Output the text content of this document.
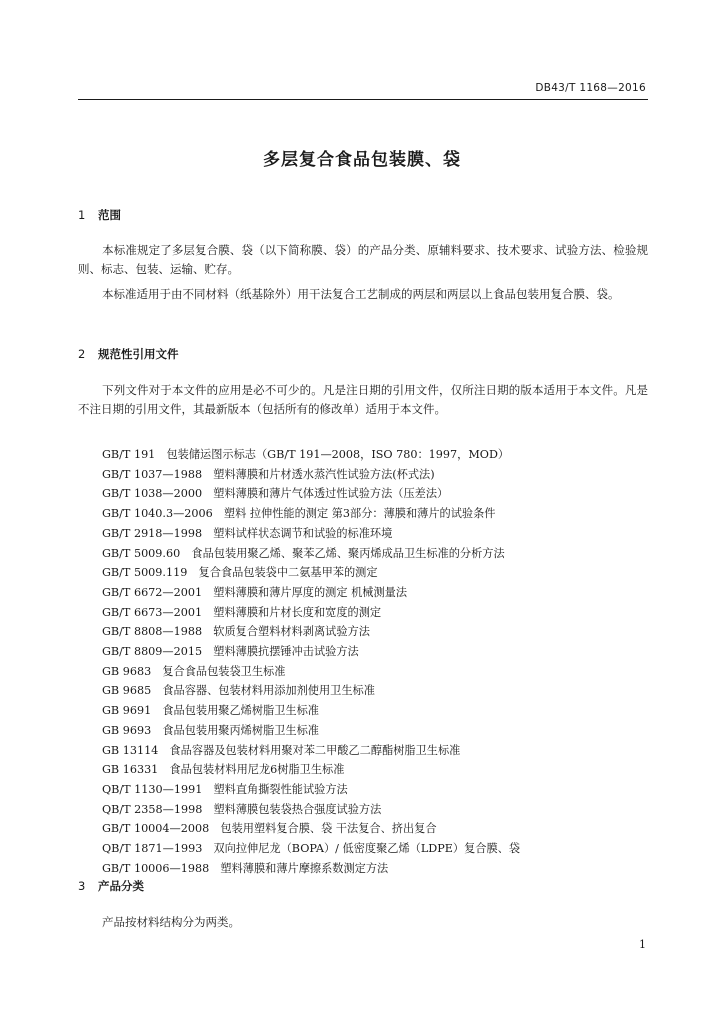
DB43/T 1168—2016
多层复合食品包装膜、袋
1 范围

本标准规定了多层复合膜、袋（以下简称膜、袋）的产品分类、原辅料要求、技术要求、试验方法、检验规则、标志、包装、运输、贮存。

本标准适用于由不同材料（纸基除外）用干法复合工艺制成的两层和两层以上食品包装用复合膜、袋。

2 规范性引用文件

下列文件对于本文件的应用是必不可少的。凡是注日期的引用文件，仅所注日期的版本适用于本文件。凡是不注日期的引用文件，其最新版本（包括所有的修改单）适用于本文件。

GB/T 191　包装储运图示标志（GB/T 191—2008，ISO 780：1997，MOD）
GB/T 1037—1988　塑料薄膜和片材透水蒸汽性试验方法(杯式法)
GB/T 1038—2000　塑料薄膜和薄片气体透过性试验方法（压差法）
GB/T 1040.3—2006　塑料 拉伸性能的测定 第3部分：薄膜和薄片的试验条件
GB/T 2918—1998　塑料试样状态调节和试验的标准环境
GB/T 5009.60　食品包装用聚乙烯、聚苯乙烯、聚丙烯成品卫生标准的分析方法
GB/T 5009.119　复合食品包装袋中二氨基甲苯的测定
GB/T 6672—2001　塑料薄膜和薄片厚度的测定 机械测量法
GB/T 6673—2001　塑料薄膜和片材长度和宽度的测定
GB/T 8808—1988　软质复合塑料材料剥离试验方法
GB/T 8809—2015　塑料薄膜抗摆锤冲击试验方法
GB 9683　复合食品包装袋卫生标准
GB 9685　食品容器、包装材料用添加剂使用卫生标准
GB 9691　食品包装用聚乙烯树脂卫生标准
GB 9693　食品包装用聚丙烯树脂卫生标准
GB 13114　食品容器及包装材料用聚对苯二甲酸乙二醇酯树脂卫生标准
GB 16331　食品包装材料用尼龙6树脂卫生标准
QB/T 1130—1991　塑料直角撕裂性能试验方法
QB/T 2358—1998　塑料薄膜包装袋热合强度试验方法
GB/T 10004—2008　包装用塑料复合膜、袋 干法复合、挤出复合
QB/T 1871—1993　双向拉伸尼龙（BOPA）/ 低密度聚乙烯（LDPE）复合膜、袋
GB/T 10006—1988　塑料薄膜和薄片摩擦系数测定方法
3 产品分类

产品按材料结构分为两类。

1
